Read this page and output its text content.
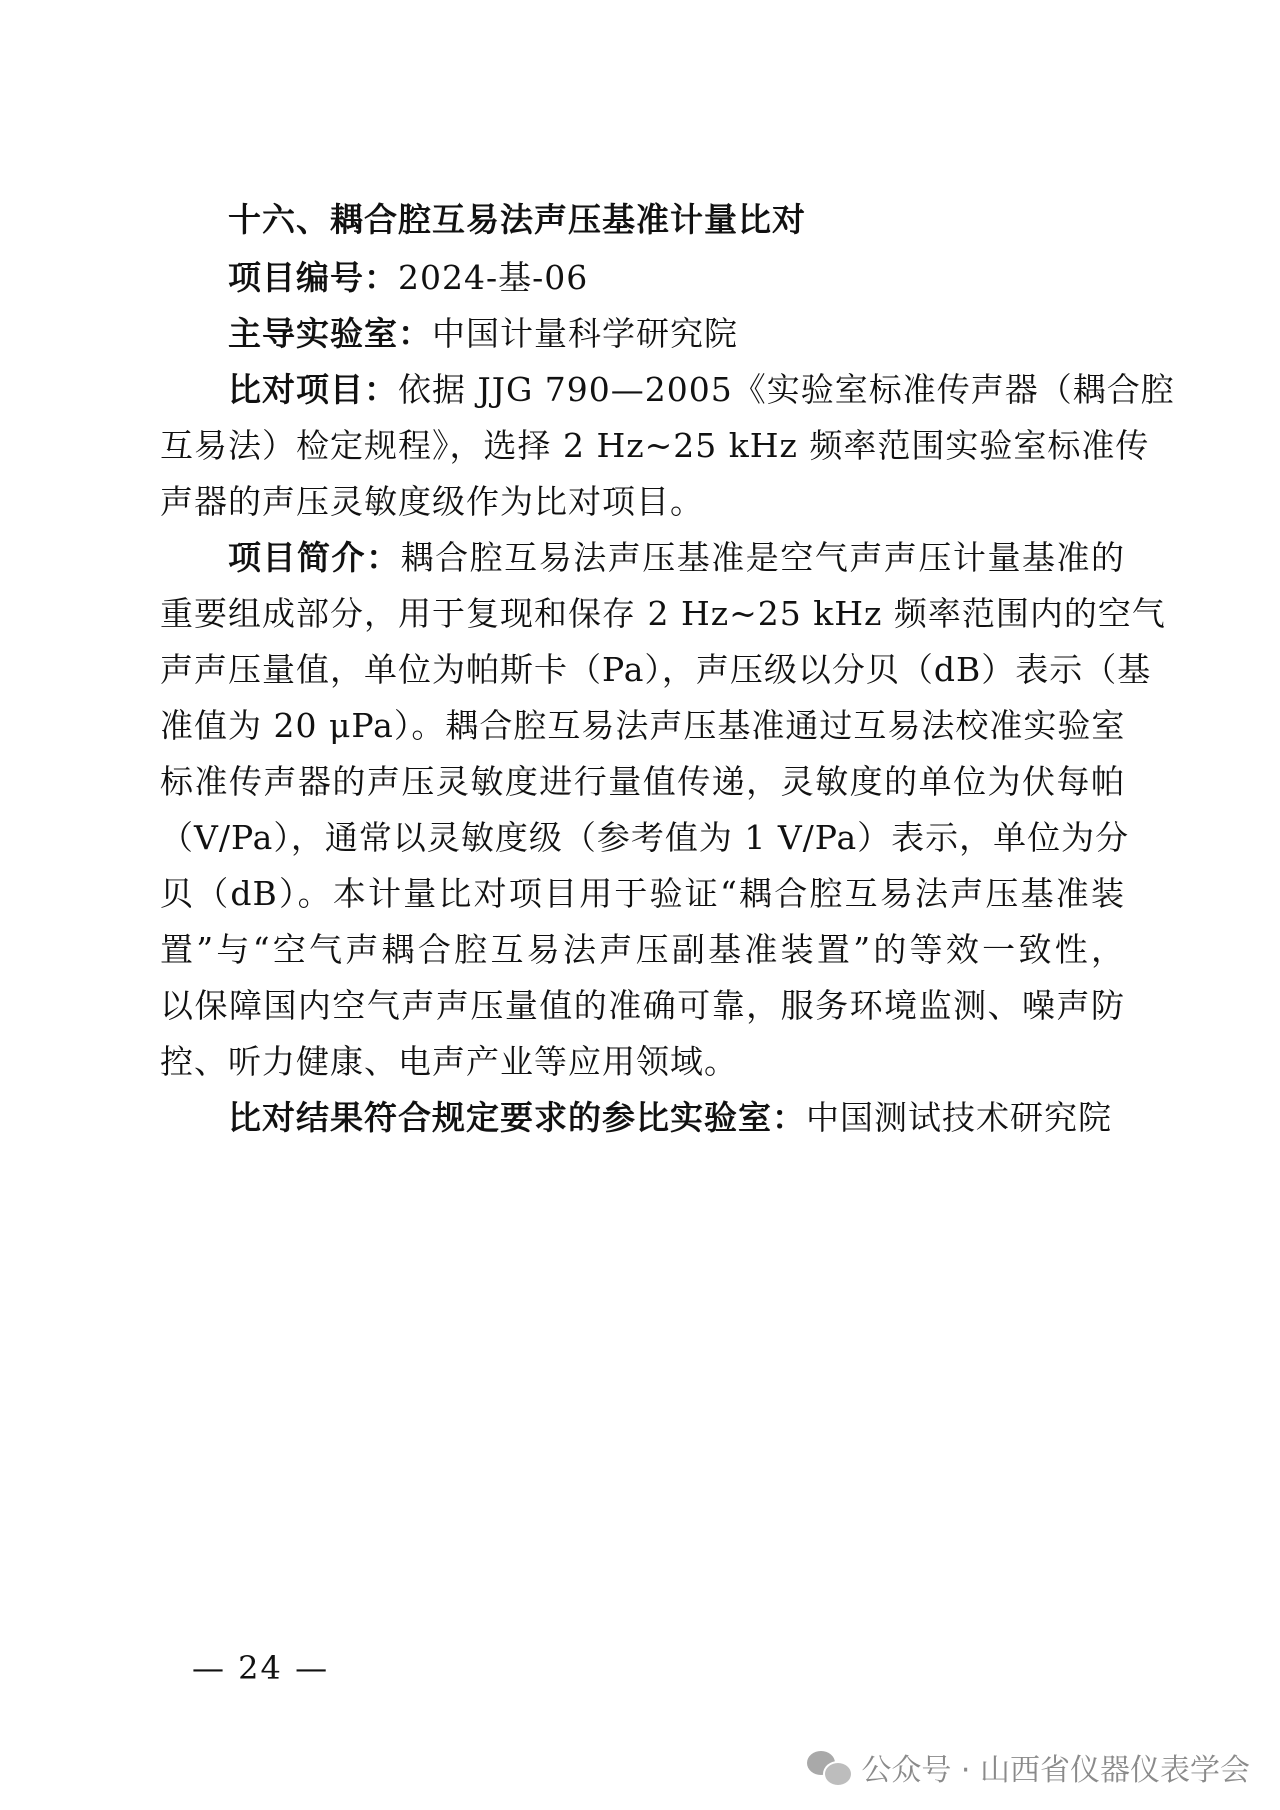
十六、耦合腔互易法声压基准计量比对
项目编号：2024-基-06
主导实验室：中国计量科学研究院
比对项目：依据 JJG 790—2005《实验室标准传声器（耦合腔
互易法）检定规程》，选择 2 Hz~25 kHz 频率范围实验室标准传
声器的声压灵敏度级作为比对项目。
项目简介：耦合腔互易法声压基准是空气声声压计量基准的
重要组成部分，用于复现和保存 2 Hz~25 kHz 频率范围内的空气
声声压量值，单位为帕斯卡（Pa），声压级以分贝（dB）表示（基
准值为 20 μPa）。耦合腔互易法声压基准通过互易法校准实验室
标准传声器的声压灵敏度进行量值传递，灵敏度的单位为伏每帕
（V/Pa），通常以灵敏度级（参考值为 1 V/Pa）表示，单位为分
贝（dB）。本计量比对项目用于验证“耦合腔互易法声压基准装
置”与“空气声耦合腔互易法声压副基准装置”的等效一致性，
以保障国内空气声声压量值的准确可靠，服务环境监测、噪声防
控、听力健康、电声产业等应用领域。
比对结果符合规定要求的参比实验室：中国测试技术研究院
— 24 —
公众号 · 山西省仪器仪表学会
